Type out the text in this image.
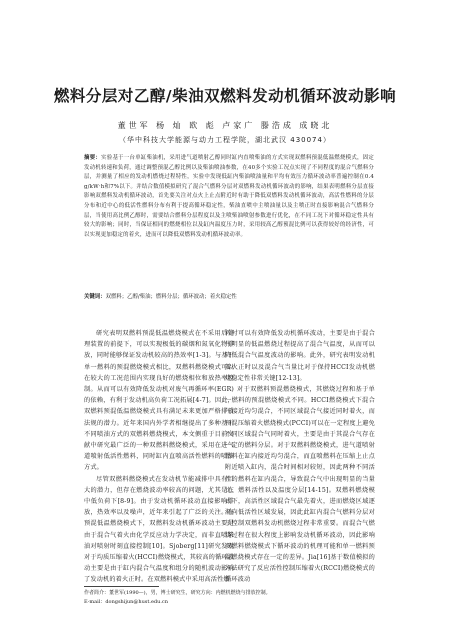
燃料分层对乙醇/柴油双燃料发动机循环波动影响
董世军 杨 灿 欧 彪 卢家广 滕浩成 成晓北
（华中科技大学能源与动力工程学院，湖北武汉 430074）
摘要：实验基于一台单缸柴油机，采用进气道喷射乙醇同时缸内直喷柴油的方式实现双燃料预混低温燃烧模式，固定发动机转速和负荷，通过调整预混乙醇比例以及柴油喷油参数，在40多个实验工况点实现了不同程度的混合气燃料分层，并测量了相应的发动机燃烧过程特性，实验中发现低缸内柴油喷油量和平均有效压力循环波动率普遍控制在0.4 g/kW·h和7%以下。并结合数值模拟研究了混合气燃料分层对双燃料发动机循环波动的影响，结果表明燃料分层直接影响双燃料发动机循环波动，首先要关注对点火上止点附近时有助于降低双燃料发动机循环波动，高活性燃料的分层分布和近中心的低活性燃料分布有利于提高循环稳定性，柴油直喷中主喷油量以及主喷正时直接影响混合气燃料分层，当使用高比例乙醇时，需要结合燃料分层程度以及主喷柴油喷射参数进行优化，在不同工况下对循环稳定性具有较大的影响；同时，当保证相同的燃烧相位以及缸内温度压力时，采用较高乙醇预混比例可以获得较好的经济性，可以实现更加稳定的着火，进而可以降低双燃料发动机循环波动率。
关键词：双燃料；乙醇/柴油；燃料分层；循环波动；着火稳定性

研究表明双燃料预混低温燃烧模式在不采用后处理装置的前提下，可以实现极低的碳烟和氮氧化物排放，同时能够保证发动机较高的热效率[1-3]。与基于单一燃料的预混燃烧模式相比，双燃料燃烧模式可以在较大的工况范围内实现良好的燃烧相位和放热率控制。从而可以有效降低发动机对废气再循环率(EGR)的依赖，有利于发动机高负荷工况拓展[4-7]。因此，双燃料预混低温燃烧模式具有满足未来更加严格排放法规的潜力。近年来国内外学者相继提出了多种基于不同喷油方式的双燃料燃烧模式，本文侧重于目前文献中研究最广泛的一种双燃料燃烧模式，采用在进气道喷射低活性燃料，同时缸内直喷高活性燃料的喷油方式。

尽管双燃料燃烧模式在发动机节能减排中具有巨大的潜力，但存在燃烧波动率较高的问题，尤其是在中低负荷下[8-9]。由于发动机循环波动直接影响排放，热效率以及噪声，近年来引起了广泛的关注。在预混低温燃烧模式下，双燃料发动机循环波动主要是由于混合气着火由化学反应动力学决定，而非直喷柴油对喷射时刻直接控制[10]。Sjoberg[11]研究发现对于均质压缩着火(HCCI)燃烧模式，其较高的循环波动主要是由于缸内混合气温度和组分的随机波动影响了发动机的着火正时。在双燃料模式中采用高活性燃

料时可以有效降低发动机循环波动，主要是由于混合气明显的低温燃烧过程提高了混合气温度，从而可以降低混合气温度波动的影响。此外，研究表明发动机着火正时以及混合气当量比对于保持HCCI发动机燃烧稳定性非常关键[12-13]。

对于双燃料预混燃烧模式，其燃烧过程和基于单一燃料的预混燃烧模式不同。HCCI燃烧模式下混合气接近均匀混合，不同区域混合气接近同时着火，而预混压缩着火燃烧模式(PCCI)可以在一定程度上避免不同区域混合气同时着火，主要是由于其混合气存在一定的燃料分层。对于双燃料燃烧模式，进气道喷射燃料在缸内接近均匀混合，而直喷燃料在压缩上止点附近喷入缸内，混合时间相对较短，因此两种不同活性的燃料在缸内混合，导致混合气中出现明显的当量比、燃料活性以及温度分层[14-15]。双燃料燃烧模式下，高活性区域混合气最先着火，进而燃烧区域逐渐向低活性区域发展，因此此缸内混合气燃料分层对于控制双燃料发动机燃烧过程非常重要。而混合气燃烧过程在很大程度上影响发动机循环波动，因此影响双燃料燃烧模式下循环波动的机理可能和单一燃料预混燃烧模式存在一定的差异。Jia[16]基于数值模拟的方法研究了反应活性控制压缩着火(RCCI)燃烧模式的循环波动

作者简介：董世军(1990—)，男，博士研究生，研究方向：内燃机燃烧与排放控制。
E-mail：dongshijun@hust.edu.cn
